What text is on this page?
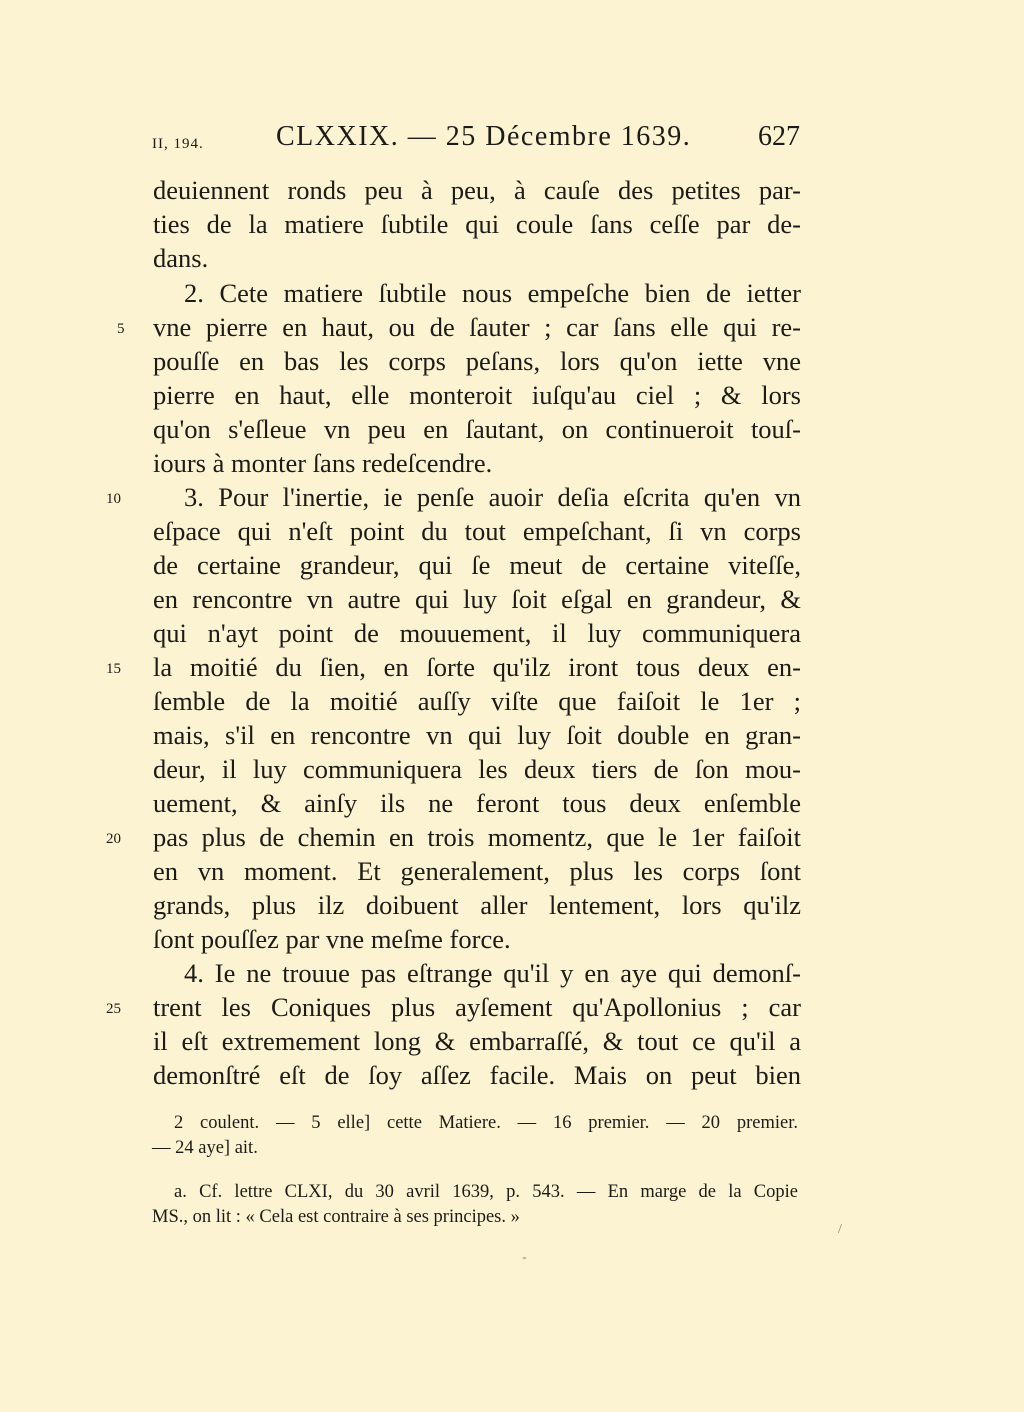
II, 194.	CLXXIX. — 25 Décembre 1639. 627
deuiennent ronds peu à peu, à cauſe des petites par-
ties de la matiere ſubtile qui coule ſans ceſſe par de-
dans.
2. Cete matiere ſubtile nous empeſche bien de ietter
vne pierre en haut, ou de ſauter ; car ſans elle qui re-
pouſſe en bas les corps peſans, lors qu'on iette vne
pierre en haut, elle monteroit iuſqu'au ciel ; & lors
qu'on s'eſleue vn peu en ſautant, on continueroit touſ-
iours à monter ſans redeſcendre.
3. Pour l'inertie, ie penſe auoir deſia eſcrita qu'en vn
eſpace qui n'eſt point du tout empeſchant, ſi vn corps
de certaine grandeur, qui ſe meut de certaine viteſſe,
en rencontre vn autre qui luy ſoit eſgal en grandeur, &
qui n'ayt point de mouuement, il luy communiquera
la moitié du ſien, en ſorte qu'ilz iront tous deux en-
ſemble de la moitié auſſy viſte que faiſoit le 1er ;
mais, s'il en rencontre vn qui luy ſoit double en gran-
deur, il luy communiquera les deux tiers de ſon mou-
uement, & ainſy ils ne feront tous deux enſemble
pas plus de chemin en trois momentz, que le 1er faiſoit
en vn moment. Et generalement, plus les corps ſont
grands, plus ilz doibuent aller lentement, lors qu'ilz
ſont pouſſez par vne meſme force.
4. Ie ne trouue pas eſtrange qu'il y en aye qui demonſ-
trent les Coniques plus ayſement qu'Apollonius ; car
il eſt extremement long & embarraſſé, & tout ce qu'il a
demonſtré eſt de ſoy aſſez facile. Mais on peut bien
5
10
15
20
25
2 coulent. — 5 elle] cette Matiere. — 16 premier. — 20 premier.
— 24 aye] ait.
a. Cf. lettre CLXI, du 30 avril 1639, p. 543. — En marge de la Copie
MS., on lit : « Cela est contraire à ses principes. »
-
/
